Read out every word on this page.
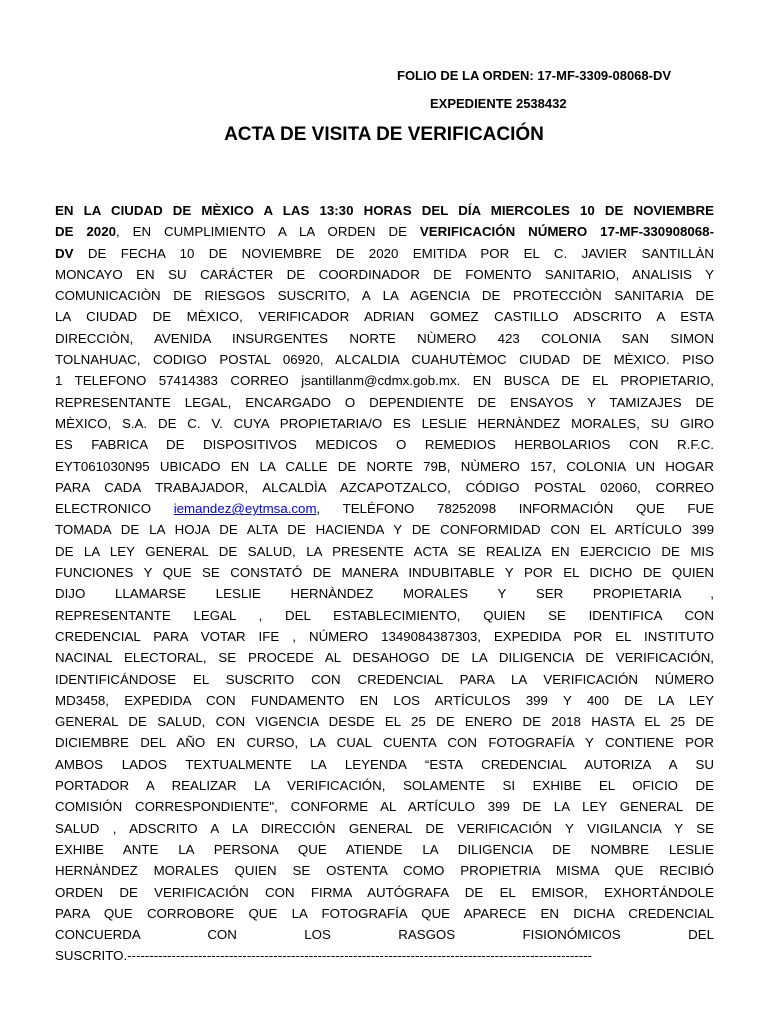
FOLIO DE LA ORDEN: 17-MF-3309-08068-DV
EXPEDIENTE 2538432
ACTA DE VISITA DE VERIFICACIÓN
EN LA CIUDAD DE MÈXICO A LAS 13:30 HORAS DEL DÍA MIERCOLES 10 DE NOVIEMBRE
DE 2020, EN CUMPLIMIENTO A LA ORDEN DE VERIFICACIÓN NÚMERO 17-MF-330908068-
DV DE FECHA 10 DE NOVIEMBRE DE 2020 EMITIDA POR EL C. JAVIER SANTILLÀN
MONCAYO EN SU CARÁCTER DE COORDINADOR DE FOMENTO SANITARIO, ANALISIS Y
COMUNICACIÒN DE RIESGOS SUSCRITO, A LA AGENCIA DE PROTECCIÒN SANITARIA DE
LA CIUDAD DE MÈXICO, VERIFICADOR ADRIAN GOMEZ CASTILLO ADSCRITO A ESTA
DIRECCIÒN, AVENIDA INSURGENTES NORTE NÙMERO 423 COLONIA SAN SIMON
TOLNAHUAC, CODIGO POSTAL 06920, ALCALDIA CUAHUTÈMOC CIUDAD DE MÈXICO. PISO
1 TELEFONO 57414383 CORREO jsantillanm@cdmx.gob.mx. EN BUSCA DE EL PROPIETARIO,
REPRESENTANTE LEGAL, ENCARGADO O DEPENDIENTE DE ENSAYOS Y TAMIZAJES DE
MÈXICO, S.A. DE C. V. CUYA PROPIETARIA/O ES LESLIE HERNÀNDEZ MORALES, SU GIRO
ES FABRICA DE DISPOSITIVOS MEDICOS O REMEDIOS HERBOLARIOS CON R.F.C.
EYT061030N95 UBICADO EN LA CALLE DE NORTE 79B, NÙMERO 157, COLONIA UN HOGAR
PARA CADA TRABAJADOR, ALCALDÌA AZCAPOTZALCO, CÓDIGO POSTAL 02060, CORREO
ELECTRONICO iemandez@eytmsa.com, TELÉFONO 78252098 INFORMACIÓN QUE FUE
TOMADA DE LA HOJA DE ALTA DE HACIENDA Y DE CONFORMIDAD CON EL ARTÍCULO 399
DE LA LEY GENERAL DE SALUD, LA PRESENTE ACTA SE REALIZA EN EJERCICIO DE MIS
FUNCIONES Y QUE SE CONSTATÓ DE MANERA INDUBITABLE Y POR EL DICHO DE QUIEN
DIJO LLAMARSE LESLIE HERNÀNDEZ MORALES Y SER PROPIETARIA ,
REPRESENTANTE LEGAL , DEL ESTABLECIMIENTO, QUIEN SE IDENTIFICA CON
CREDENCIAL PARA VOTAR IFE , NÚMERO 1349084387303, EXPEDIDA POR EL INSTITUTO
NACINAL ELECTORAL, SE PROCEDE AL DESAHOGO DE LA DILIGENCIA DE VERIFICACIÓN,
IDENTIFICÁNDOSE EL SUSCRITO CON CREDENCIAL PARA LA VERIFICACIÓN NÚMERO
MD3458, EXPEDIDA CON FUNDAMENTO EN LOS ARTÍCULOS 399 Y 400 DE LA LEY
GENERAL DE SALUD, CON VIGENCIA DESDE EL 25 DE ENERO DE 2018 HASTA EL 25 DE
DICIEMBRE DEL AÑO EN CURSO, LA CUAL CUENTA CON FOTOGRAFÍA Y CONTIENE POR
AMBOS LADOS TEXTUALMENTE LA LEYENDA “ESTA CREDENCIAL AUTORIZA A SU
PORTADOR A REALIZAR LA VERIFICACIÓN, SOLAMENTE SI EXHIBE EL OFICIO DE
COMISIÓN CORRESPONDIENTE", CONFORME AL ARTÍCULO 399 DE LA LEY GENERAL DE
SALUD , ADSCRITO A LA DIRECCIÓN GENERAL DE VERIFICACIÓN Y VIGILANCIA Y SE
EXHIBE ANTE LA PERSONA QUE ATIENDE LA DILIGENCIA DE NOMBRE LESLIE
HERNÀNDEZ MORALES QUIEN SE OSTENTA COMO PROPIETRIA MISMA QUE RECIBIÓ
ORDEN DE VERIFICACIÓN CON FIRMA AUTÓGRAFA DE EL EMISOR, EXHORTÁNDOLE
PARA QUE CORROBORE QUE LA FOTOGRAFÍA QUE APARECE EN DICHA CREDENCIAL
CONCUERDA CON LOS RASGOS FISIONÓMICOS DEL
SUSCRITO.---------------------------------------------------------------------------------------------------------
